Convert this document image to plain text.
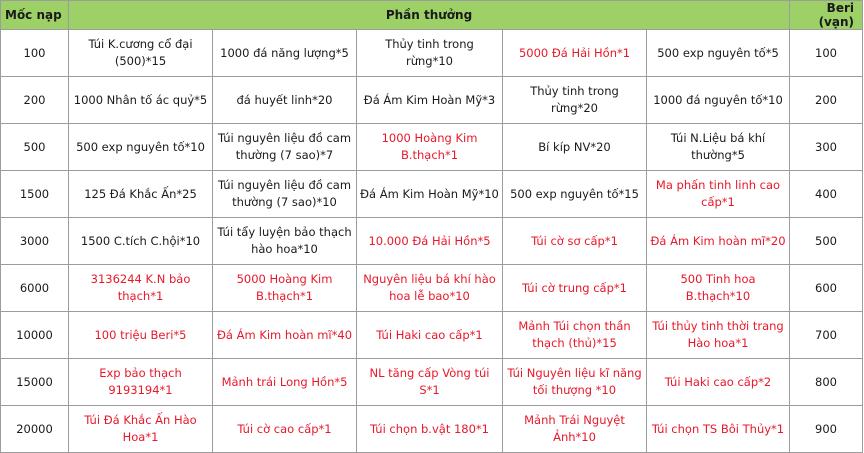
Mốc nạp	Phần thưởng					Beri (vạn)
100	Túi K.cương cổ đại (500)*15	1000 đá năng lượng*5	Thủy tinh trong rừng*10	5000 Đá Hải Hồn*1	500 exp nguyên tố*5	100
200	1000 Nhân tố ác quỷ*5	đá huyết linh*20	Đá Ám Kim Hoàn Mỹ*3	Thủy tinh trong rừng*20	1000 đá nguyên tố*10	200
500	500 exp nguyên tố*10	Túi nguyên liệu đồ cam thường (7 sao)*7	1000 Hoàng Kim B.thạch*1	Bí kíp NV*20	Túi N.Liệu bá khí thường*5	300
1500	125 Đá Khắc Ấn*25	Túi nguyên liệu đồ cam thường (7 sao)*10	Đá Ám Kim Hoàn Mỹ*10	500 exp nguyên tố*15	Ma phấn tinh linh cao cấp*1	400
3000	1500 C.tích C.hội*10	Túi tẩy luyện bảo thạch hào hoa*10	10.000 Đá Hải Hồn*5	Túi cờ sơ cấp*1	Đá Ám Kim hoàn mĩ*20	500
6000	3136244 K.N bảo thạch*1	5000 Hoàng Kim B.thạch*1	Nguyên liệu bá khí hào hoa lễ bao*10	Túi cờ trung cấp*1	500 Tinh hoa B.thạch*10	600
10000	100 triệu Beri*5	Đá Ám Kim hoàn mĩ*40	Túi Haki cao cấp*1	Mảnh Túi chọn thần thạch (thủ)*15	Túi thủy tinh thời trang Hào hoa*1	700
15000	Exp bảo thạch 9193194*1	Mảnh trái Long Hồn*5	NL tăng cấp Vòng túi S*1	Túi Nguyên liệu kĩ năng tối thượng *10	Túi Haki cao cấp*2	800
20000	Túi Đá Khắc Ấn Hào Hoa*1	Túi cờ cao cấp*1	Túi chọn b.vật 180*1	Mảnh Trái Nguyệt Ảnh*10	Túi chọn TS Bôi Thủy*1	900
